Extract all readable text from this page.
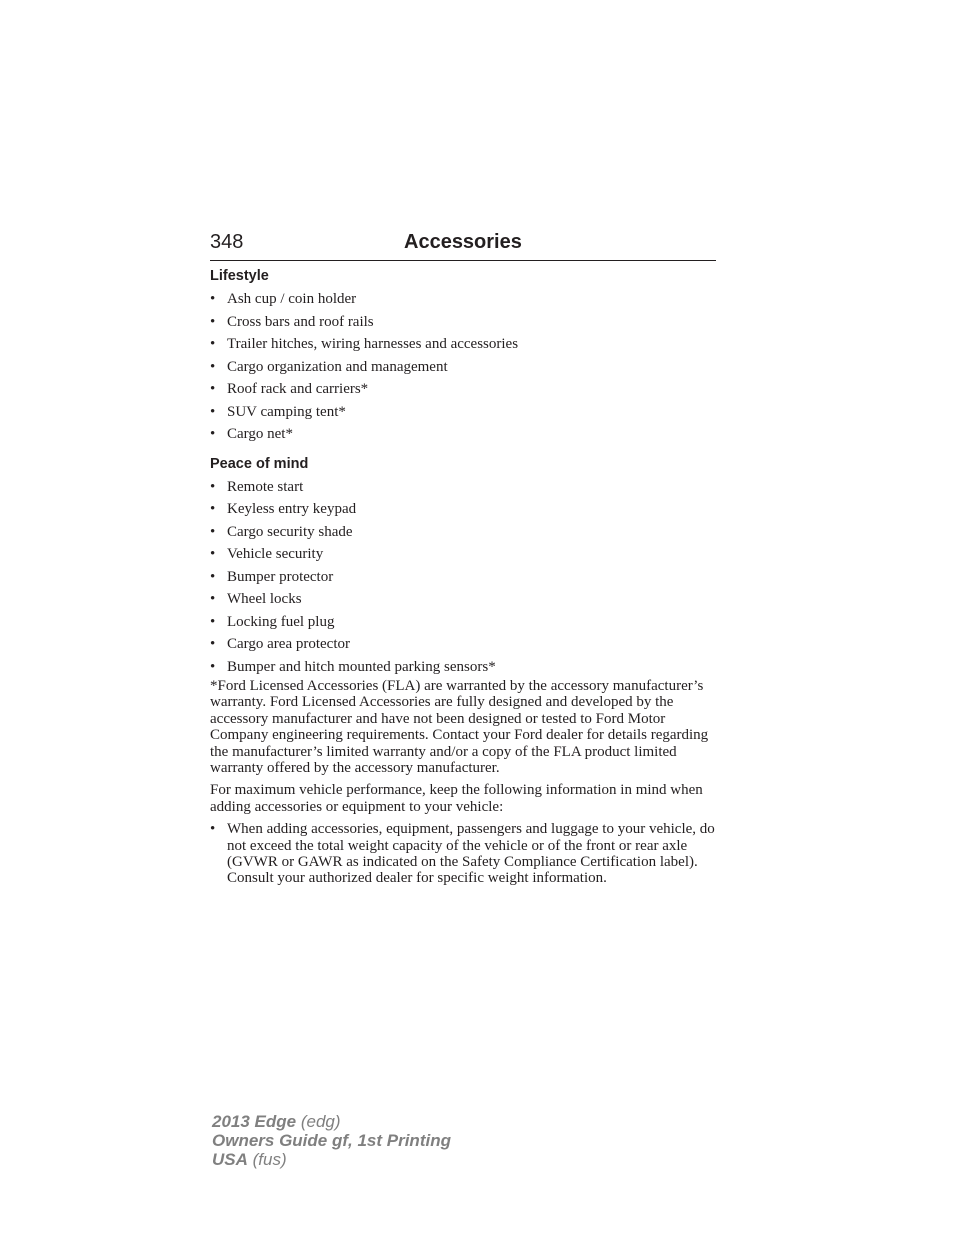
348	Accessories
Lifestyle
• Ash cup / coin holder
• Cross bars and roof rails
• Trailer hitches, wiring harnesses and accessories
• Cargo organization and management
• Roof rack and carriers*
• SUV camping tent*
• Cargo net*
Peace of mind
• Remote start
• Keyless entry keypad
• Cargo security shade
• Vehicle security
• Bumper protector
• Wheel locks
• Locking fuel plug
• Cargo area protector
• Bumper and hitch mounted parking sensors*

*Ford Licensed Accessories (FLA) are warranted by the accessory manufacturer’s warranty. Ford Licensed Accessories are fully designed and developed by the accessory manufacturer and have not been designed or tested to Ford Motor Company engineering requirements. Contact your Ford dealer for details regarding the manufacturer’s limited warranty and/or a copy of the FLA product limited warranty offered by the accessory manufacturer.

For maximum vehicle performance, keep the following information in mind when adding accessories or equipment to your vehicle:

• When adding accessories, equipment, passengers and luggage to your vehicle, do not exceed the total weight capacity of the vehicle or of the front or rear axle (GVWR or GAWR as indicated on the Safety Compliance Certification label). Consult your authorized dealer for specific weight information.
2013 Edge (edg)
Owners Guide gf, 1st Printing
USA (fus)
